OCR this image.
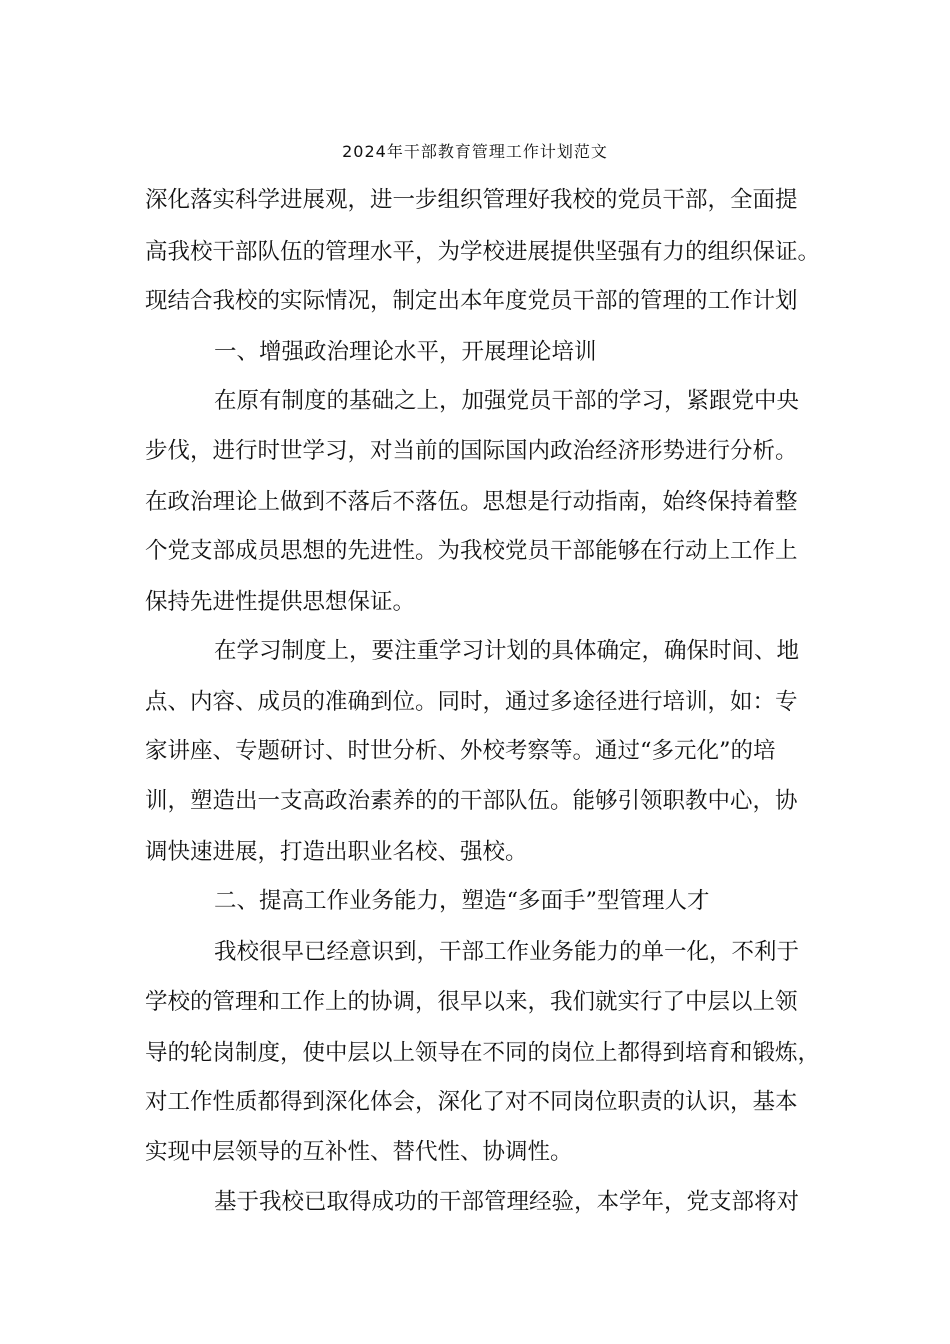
2024年干部教育管理工作计划范文
深化落实科学进展观，进一步组织管理好我校的党员干部，全面提
高我校干部队伍的管理水平，为学校进展提供坚强有力的组织保证。
现结合我校的实际情况，制定出本年度党员干部的管理的工作计划
一、增强政治理论水平，开展理论培训
在原有制度的基础之上，加强党员干部的学习，紧跟党中央
步伐，进行时世学习，对当前的国际国内政治经济形势进行分析。
在政治理论上做到不落后不落伍。思想是行动指南，始终保持着整
个党支部成员思想的先进性。为我校党员干部能够在行动上工作上
保持先进性提供思想保证。
在学习制度上，要注重学习计划的具体确定，确保时间、地
点、内容、成员的准确到位。同时，通过多途径进行培训，如：专
家讲座、专题研讨、时世分析、外校考察等。通过“多元化”的培
训，塑造出一支高政治素养的的干部队伍。能够引领职教中心，协
调快速进展，打造出职业名校、强校。
二、提高工作业务能力，塑造“多面手”型管理人才
我校很早已经意识到，干部工作业务能力的单一化，不利于
学校的管理和工作上的协调，很早以来，我们就实行了中层以上领
导的轮岗制度，使中层以上领导在不同的岗位上都得到培育和锻炼，
对工作性质都得到深化体会，深化了对不同岗位职责的认识，基本
实现中层领导的互补性、替代性、协调性。
基于我校已取得成功的干部管理经验，本学年，党支部将对
